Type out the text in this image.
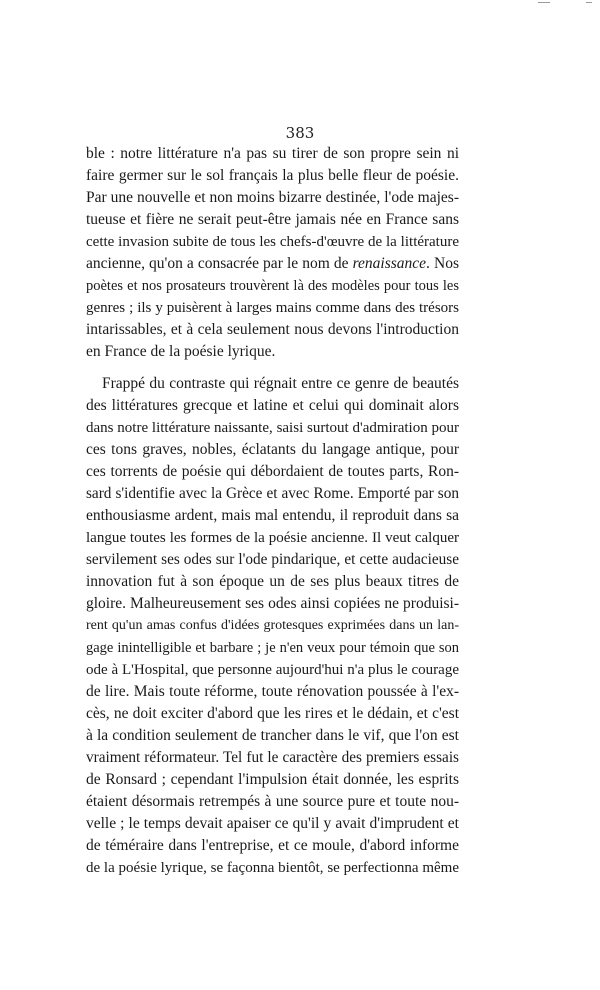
383
ble : notre littérature n'a pas su tirer de son propre sein ni
faire germer sur le sol français la plus belle fleur de poésie.
Par une nouvelle et non moins bizarre destinée, l'ode majes-
tueuse et fière ne serait peut-être jamais née en France sans
cette invasion subite de tous les chefs-d'œuvre de la littérature
ancienne, qu'on a consacrée par le nom de renaissance. Nos
poètes et nos prosateurs trouvèrent là des modèles pour tous les
genres ; ils y puisèrent à larges mains comme dans des trésors
intarissables, et à cela seulement nous devons l'introduction
en France de la poésie lyrique.
Frappé du contraste qui régnait entre ce genre de beautés
des littératures grecque et latine et celui qui dominait alors
dans notre littérature naissante, saisi surtout d'admiration pour
ces tons graves, nobles, éclatants du langage antique, pour
ces torrents de poésie qui débordaient de toutes parts, Ron-
sard s'identifie avec la Grèce et avec Rome. Emporté par son
enthousiasme ardent, mais mal entendu, il reproduit dans sa
langue toutes les formes de la poésie ancienne. Il veut calquer
servilement ses odes sur l'ode pindarique, et cette audacieuse
innovation fut à son époque un de ses plus beaux titres de
gloire. Malheureusement ses odes ainsi copiées ne produisi-
rent qu'un amas confus d'idées grotesques exprimées dans un lan-
gage inintelligible et barbare ; je n'en veux pour témoin que son
ode à L'Hospital, que personne aujourd'hui n'a plus le courage
de lire. Mais toute réforme, toute rénovation poussée à l'ex-
cès, ne doit exciter d'abord que les rires et le dédain, et c'est
à la condition seulement de trancher dans le vif, que l'on est
vraiment réformateur. Tel fut le caractère des premiers essais
de Ronsard ; cependant l'impulsion était donnée, les esprits
étaient désormais retrempés à une source pure et toute nou-
velle ; le temps devait apaiser ce qu'il y avait d'imprudent et
de téméraire dans l'entreprise, et ce moule, d'abord informe
de la poésie lyrique, se façonna bientôt, se perfectionna même
